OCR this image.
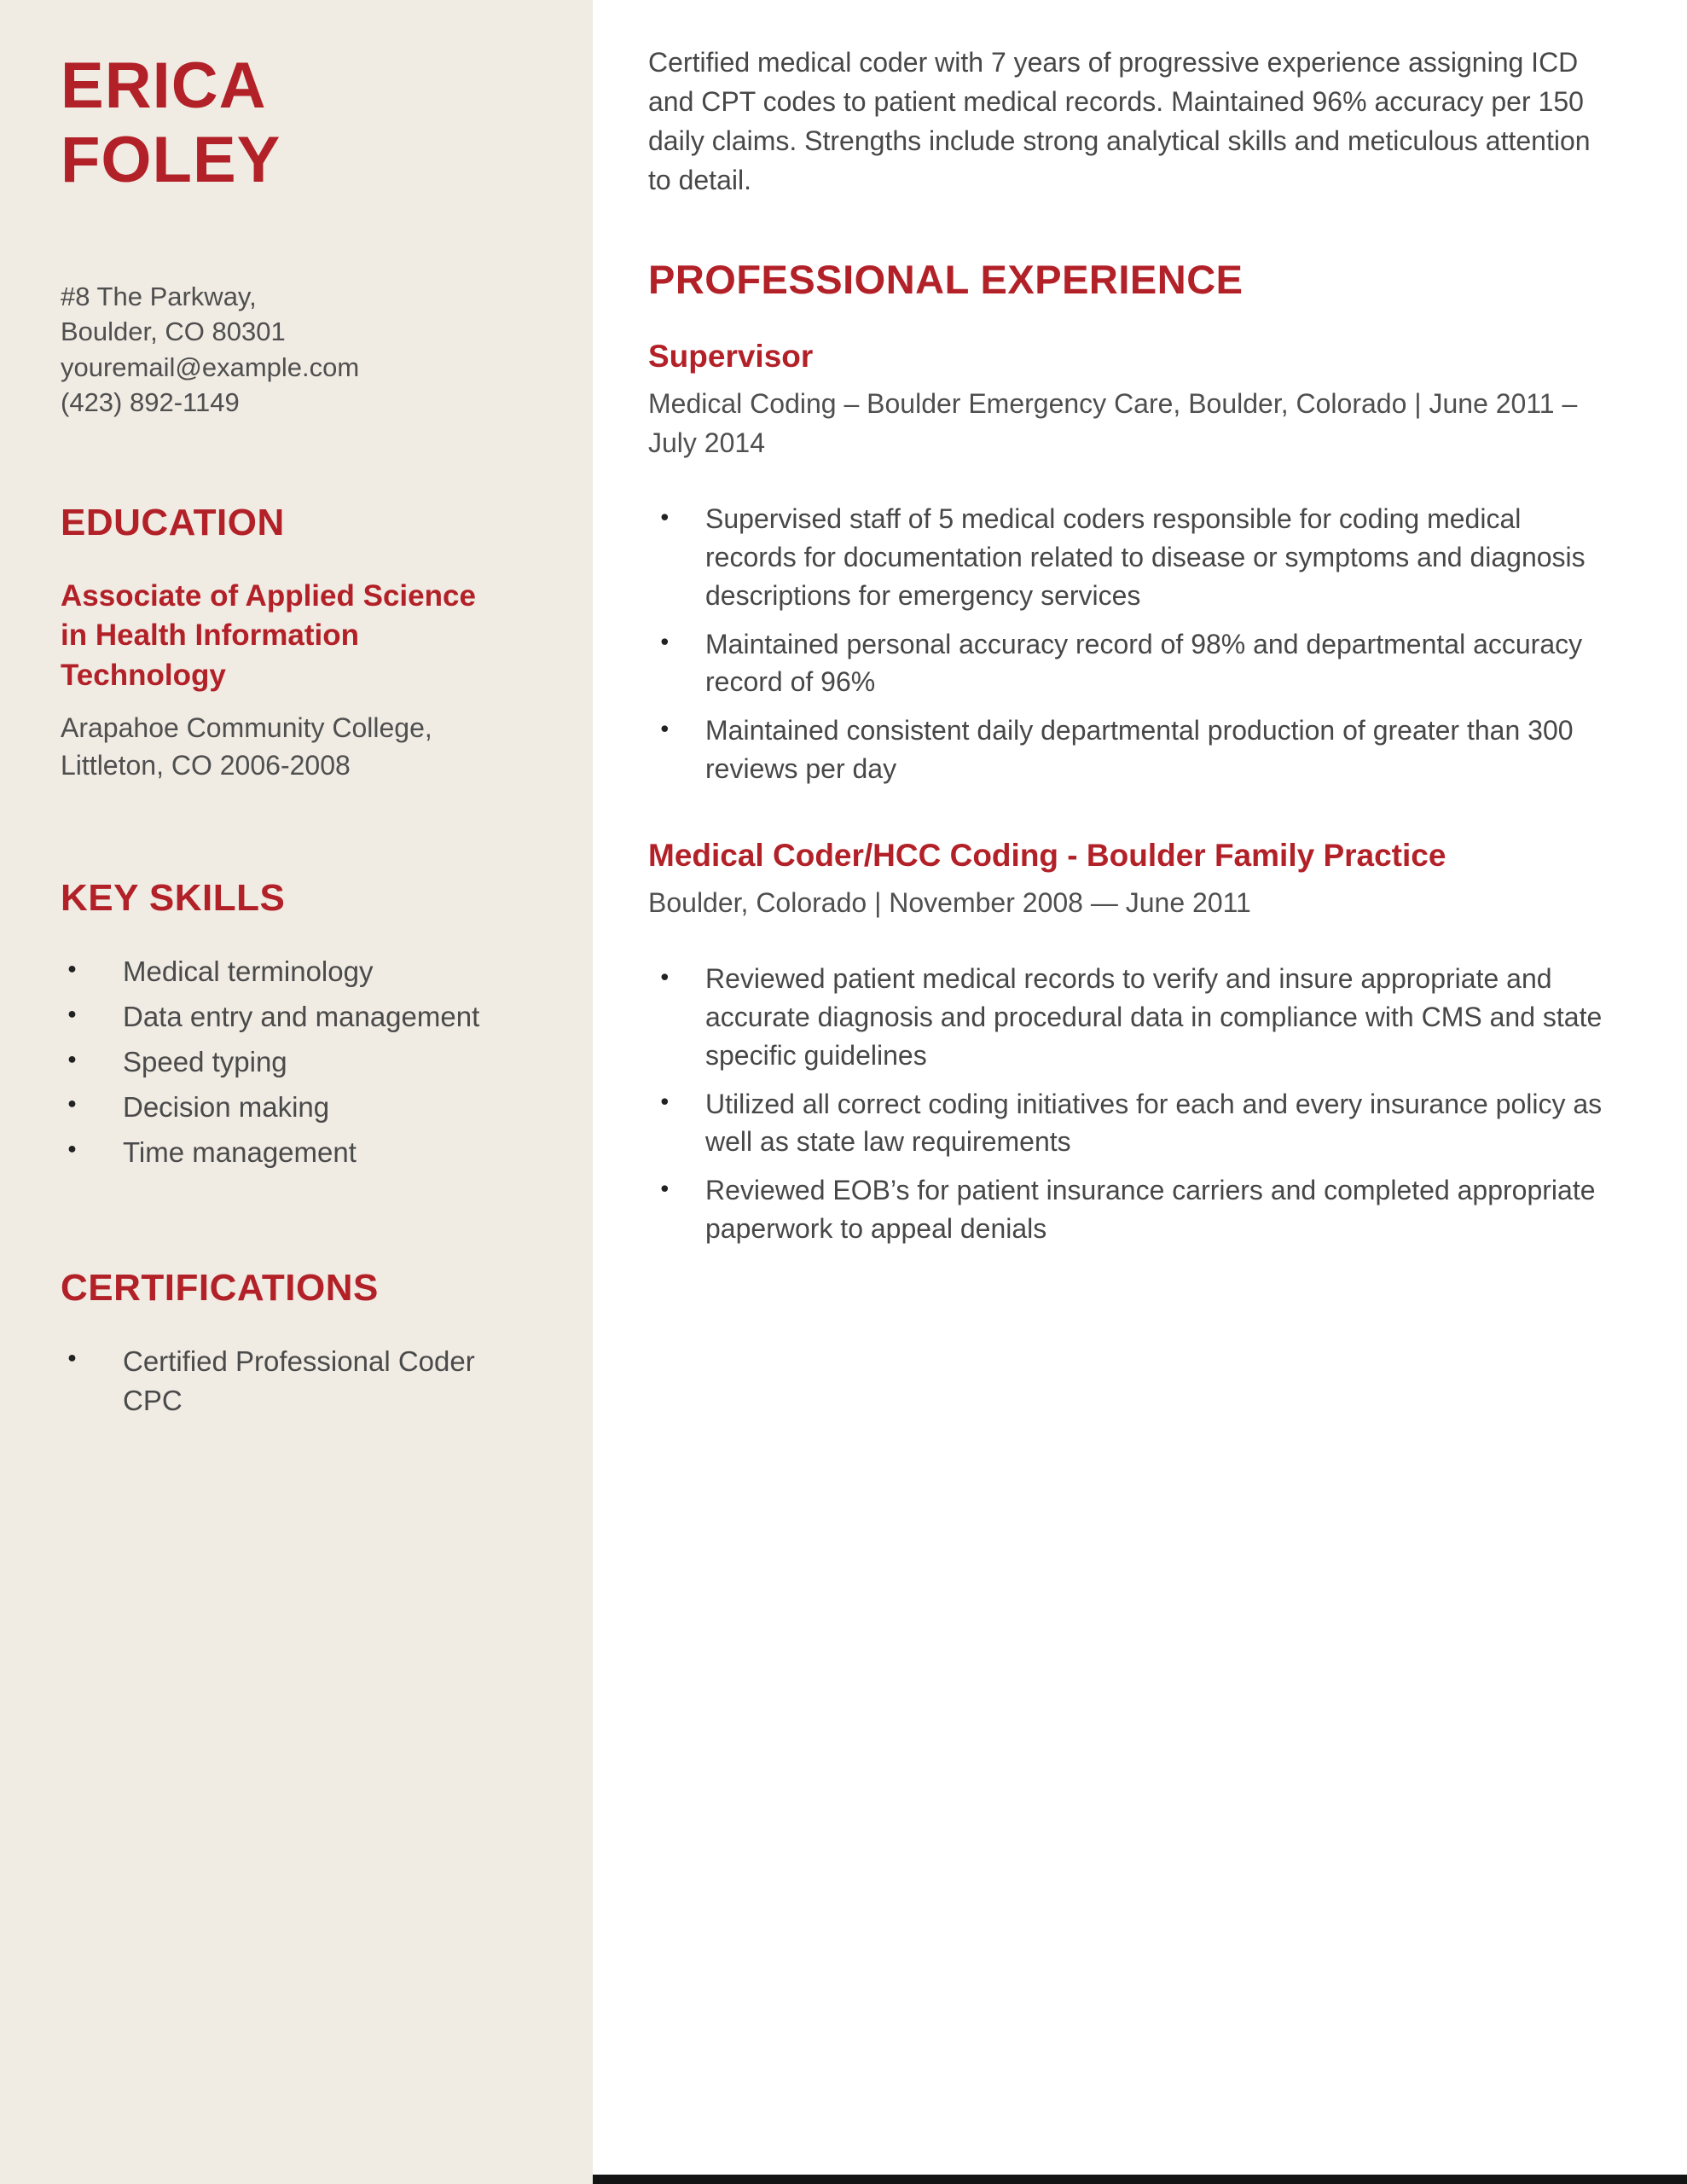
ERICA
FOLEY
#8 The Parkway,
Boulder, CO 80301
youremail@example.com
(423) 892-1149
EDUCATION
Associate of Applied Science in Health Information Technology
Arapahoe Community College, Littleton, CO 2006-2008
KEY SKILLS
● Medical terminology
● Data entry and management
● Speed typing
● Decision making
● Time management
CERTIFICATIONS
● Certified Professional Coder CPC

Certified medical coder with 7 years of progressive experience assigning ICD and CPT codes to patient medical records. Maintained 96% accuracy per 150 daily claims. Strengths include strong analytical skills and meticulous attention to detail.

PROFESSIONAL EXPERIENCE
Supervisor
Medical Coding – Boulder Emergency Care, Boulder, Colorado | June 2011 – July 2014
● Supervised staff of 5 medical coders responsible for coding medical records for documentation related to disease or symptoms and diagnosis descriptions for emergency services
● Maintained personal accuracy record of 98% and departmental accuracy record of 96%
● Maintained consistent daily departmental production of greater than 300 reviews per day
Medical Coder/HCC Coding - Boulder Family Practice
Boulder, Colorado | November 2008 — June 2011
● Reviewed patient medical records to verify and insure appropriate and accurate diagnosis and procedural data in compliance with CMS and state specific guidelines
● Utilized all correct coding initiatives for each and every insurance policy as well as state law requirements
● Reviewed EOB’s for patient insurance carriers and completed appropriate paperwork to appeal denials
